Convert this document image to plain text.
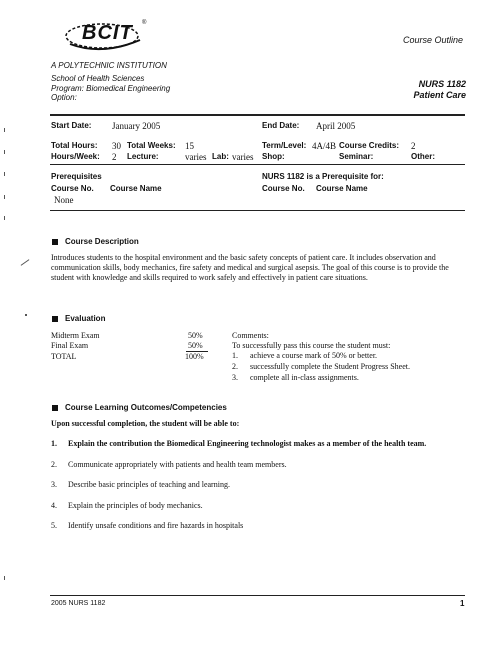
BCIT ®
A POLYTECHNIC INSTITUTION
Course Outline
School of Health Sciences
Program: Biomedical Engineering
Option:
NURS 1182
Patient Care
Start Date: January 2005	End Date: April 2005
Total Hours: 30 Total Weeks: 15	Term/Level: 4A/4B Course Credits: 2
Hours/Week: 2 Lecture:	varies Lab: varies Shop:	Seminar:	Other:
Prerequisites
Course No. Course Name
None
NURS 1182 is a Prerequisite for:
Course No. Course Name
Course Description
Introduces students to the hospital environment and the basic safety concepts of patient care. It includes observation and communication skills, body mechanics, fire safety and medical and surgical asepsis. The goal of this course is to provide the student with knowledge and skills required to work safely and effectively in patient care situations.
Evaluation
Midterm Exam	50%
Final Exam	50%
TOTAL	100%
Comments:
To successfully pass this course the student must:
1. achieve a course mark of 50% or better.
2. successfully complete the Student Progress Sheet.
3. complete all in-class assignments.
Course Learning Outcomes/Competencies
Upon successful completion, the student will be able to:
1. Explain the contribution the Biomedical Engineering technologist makes as a member of the health team.
2. Communicate appropriately with patients and health team members.
3. Describe basic principles of teaching and learning.
4. Explain the principles of body mechanics.
5. Identify unsafe conditions and fire hazards in hospitals
2005 NURS 1182	1
